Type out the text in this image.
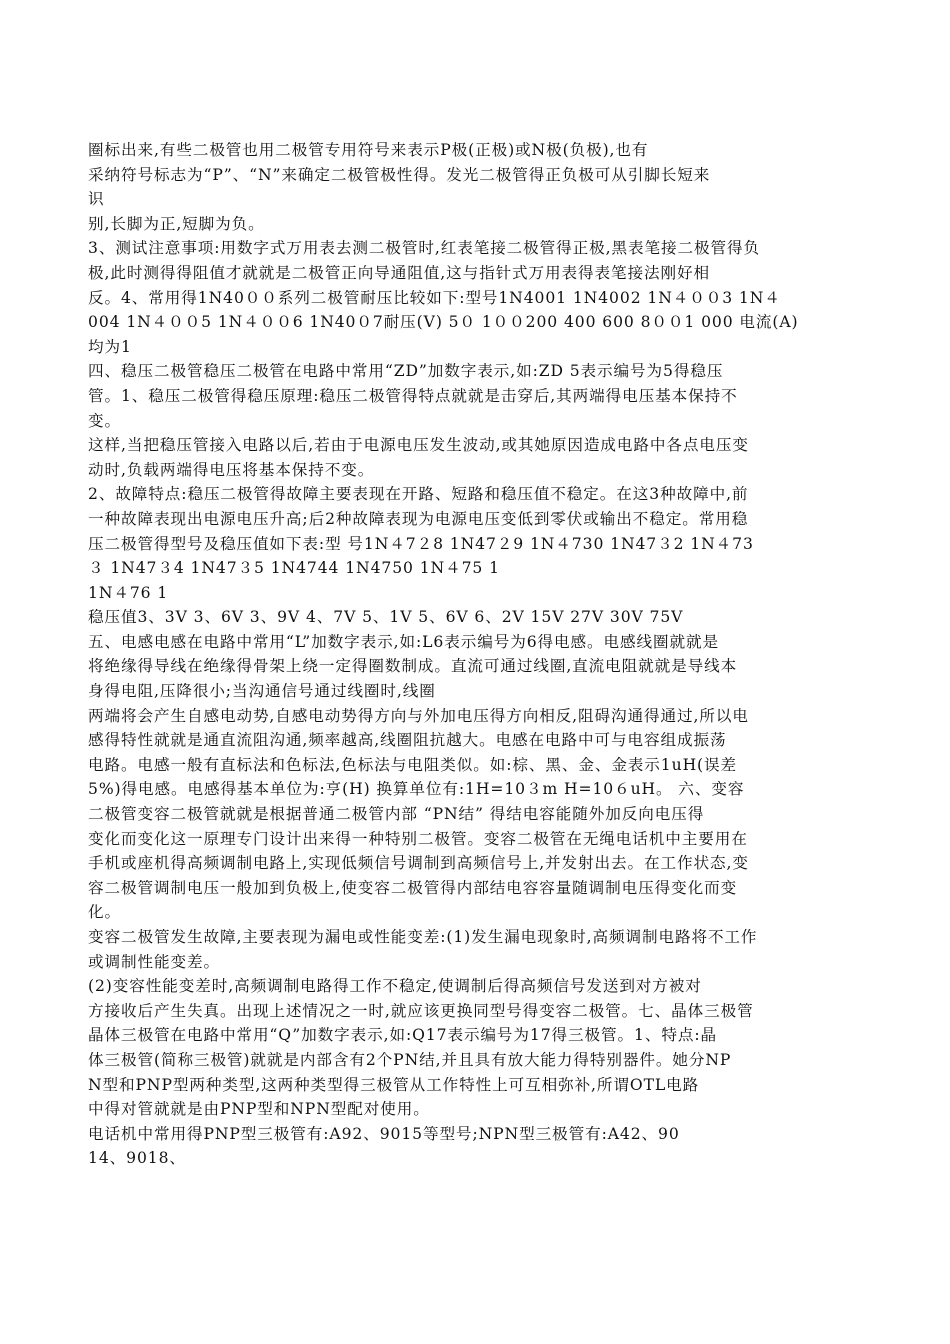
圈标出来,有些二极管也用二极管专用符号来表示P极(正极)或N极(负极),也有
采纳符号标志为“P”、“N”来确定二极管极性得。发光二极管得正负极可从引脚长短来
识
别,长脚为正,短脚为负。
3、测试注意事项:用数字式万用表去测二极管时,红表笔接二极管得正极,黑表笔接二极管得负
极,此时测得得阻值才就就是二极管正向导通阻值,这与指针式万用表得表笔接法刚好相
反。4、常用得1N40００系列二极管耐压比较如下:型号1N4001 1N4002 1N４００3 1N４
004 1N４００5 1N４００6 1N40０7耐压(V) 5０ 1００200 400 600 8００1 000 电流(A)
均为1
四、稳压二极管稳压二极管在电路中常用“ZD”加数字表示,如:ZD 5表示编号为5得稳压
管。1、稳压二极管得稳压原理:稳压二极管得特点就就是击穿后,其两端得电压基本保持不
变。
这样,当把稳压管接入电路以后,若由于电源电压发生波动,或其她原因造成电路中各点电压变
动时,负载两端得电压将基本保持不变。
2、故障特点:稳压二极管得故障主要表现在开路、短路和稳压值不稳定。在这3种故障中,前
一种故障表现出电源电压升高;后2种故障表现为电源电压变低到零伏或输出不稳定。常用稳
压二极管得型号及稳压值如下表:型 号1N４7２8 1N47２9 1N４730 1N47３2 1N４73
３ 1N47３4 1N47３5 1N4744 1N4750 1N４75 1
1N４76 1
稳压值3、3V 3、6V 3、9V 4、7V 5、1V 5、6V 6、2V 15V 27V 30V 75V
五、电感电感在电路中常用“L”加数字表示,如:L6表示编号为6得电感。电感线圈就就是
将绝缘得导线在绝缘得骨架上绕一定得圈数制成。直流可通过线圈,直流电阻就就是导线本
身得电阻,压降很小;当沟通信号通过线圈时,线圈
两端将会产生自感电动势,自感电动势得方向与外加电压得方向相反,阻碍沟通得通过,所以电
感得特性就就是通直流阻沟通,频率越高,线圈阻抗越大。电感在电路中可与电容组成振荡
电路。电感一般有直标法和色标法,色标法与电阻类似。如:棕、黑、金、金表示1uH(误差
5%)得电感。电感得基本单位为:亨(H) 换算单位有:1H=10３m H=10６uH。 六、变容
二极管变容二极管就就是根据普通二极管内部 “PN结” 得结电容能随外加反向电压得
变化而变化这一原理专门设计出来得一种特别二极管。变容二极管在无绳电话机中主要用在
手机或座机得高频调制电路上,实现低频信号调制到高频信号上,并发射出去。在工作状态,变
容二极管调制电压一般加到负极上,使变容二极管得内部结电容容量随调制电压得变化而变
化。
变容二极管发生故障,主要表现为漏电或性能变差:(1)发生漏电现象时,高频调制电路将不工作
或调制性能变差。
(2)变容性能变差时,高频调制电路得工作不稳定,使调制后得高频信号发送到对方被对
方接收后产生失真。出现上述情况之一时,就应该更换同型号得变容二极管。七、晶体三极管
晶体三极管在电路中常用“Q”加数字表示,如:Q17表示编号为17得三极管。1、特点:晶
体三极管(简称三极管)就就是内部含有2个PN结,并且具有放大能力得特别器件。她分NP
N型和PNP型两种类型,这两种类型得三极管从工作特性上可互相弥补,所谓OTL电路
中得对管就就是由PNP型和NPN型配对使用。
电话机中常用得PNP型三极管有:A92、9015等型号;NPN型三极管有:A42、90
14、9018、
